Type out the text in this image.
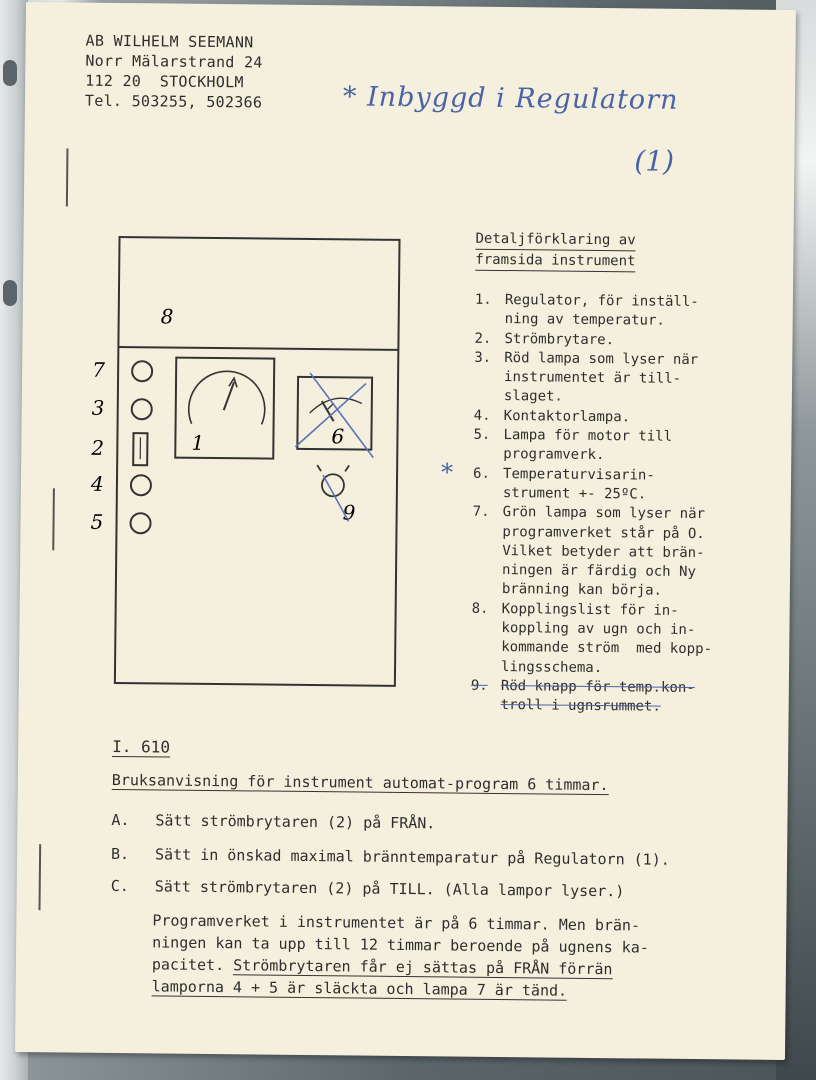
AB WILHELM SEEMANN
Norr Mälarstrand 24
112 20  STOCKHOLM
Tel. 503255, 502366	* Inbyggd i Regulatorn
(1)
8
7
3
2
4
5
1	6
9
Detaljförklaring av
framsida instrument
*
1. Regulator, för inställ-
ning av temperatur.
2. Strömbrytare.
3. Röd lampa som lyser när
instrumentet är till-
slaget.
4. Kontaktorlampa.
5. Lampa för motor till
programverk.
6. Temperaturvisarin-
strument +- 25ºC.
7. Grön lampa som lyser när
programverket står på O.
Vilket betyder att brän-
ningen är färdig och Ny
bränning kan börja.
8. Kopplingslist för in-
koppling av ugn och in-
kommande ström  med kopp-
lingsschema.
9. Röd knapp för temp.kon-
troll i ugnsrummet.
I. 610
Bruksanvisning för instrument automat-program 6 timmar.
A. Sätt strömbrytaren (2) på FRÅN.
B. Sätt in önskad maximal bränntemparatur på Regulatorn (1).
C. Sätt strömbrytaren (2) på TILL. (Alla lampor lyser.)
Programverket i instrumentet är på 6 timmar. Men brän-
ningen kan ta upp till 12 timmar beroende på ugnens ka-
pacitet. Strömbrytaren får ej sättas på FRÅN förrän
lamporna 4 + 5 är släckta och lampa 7 är tänd.
